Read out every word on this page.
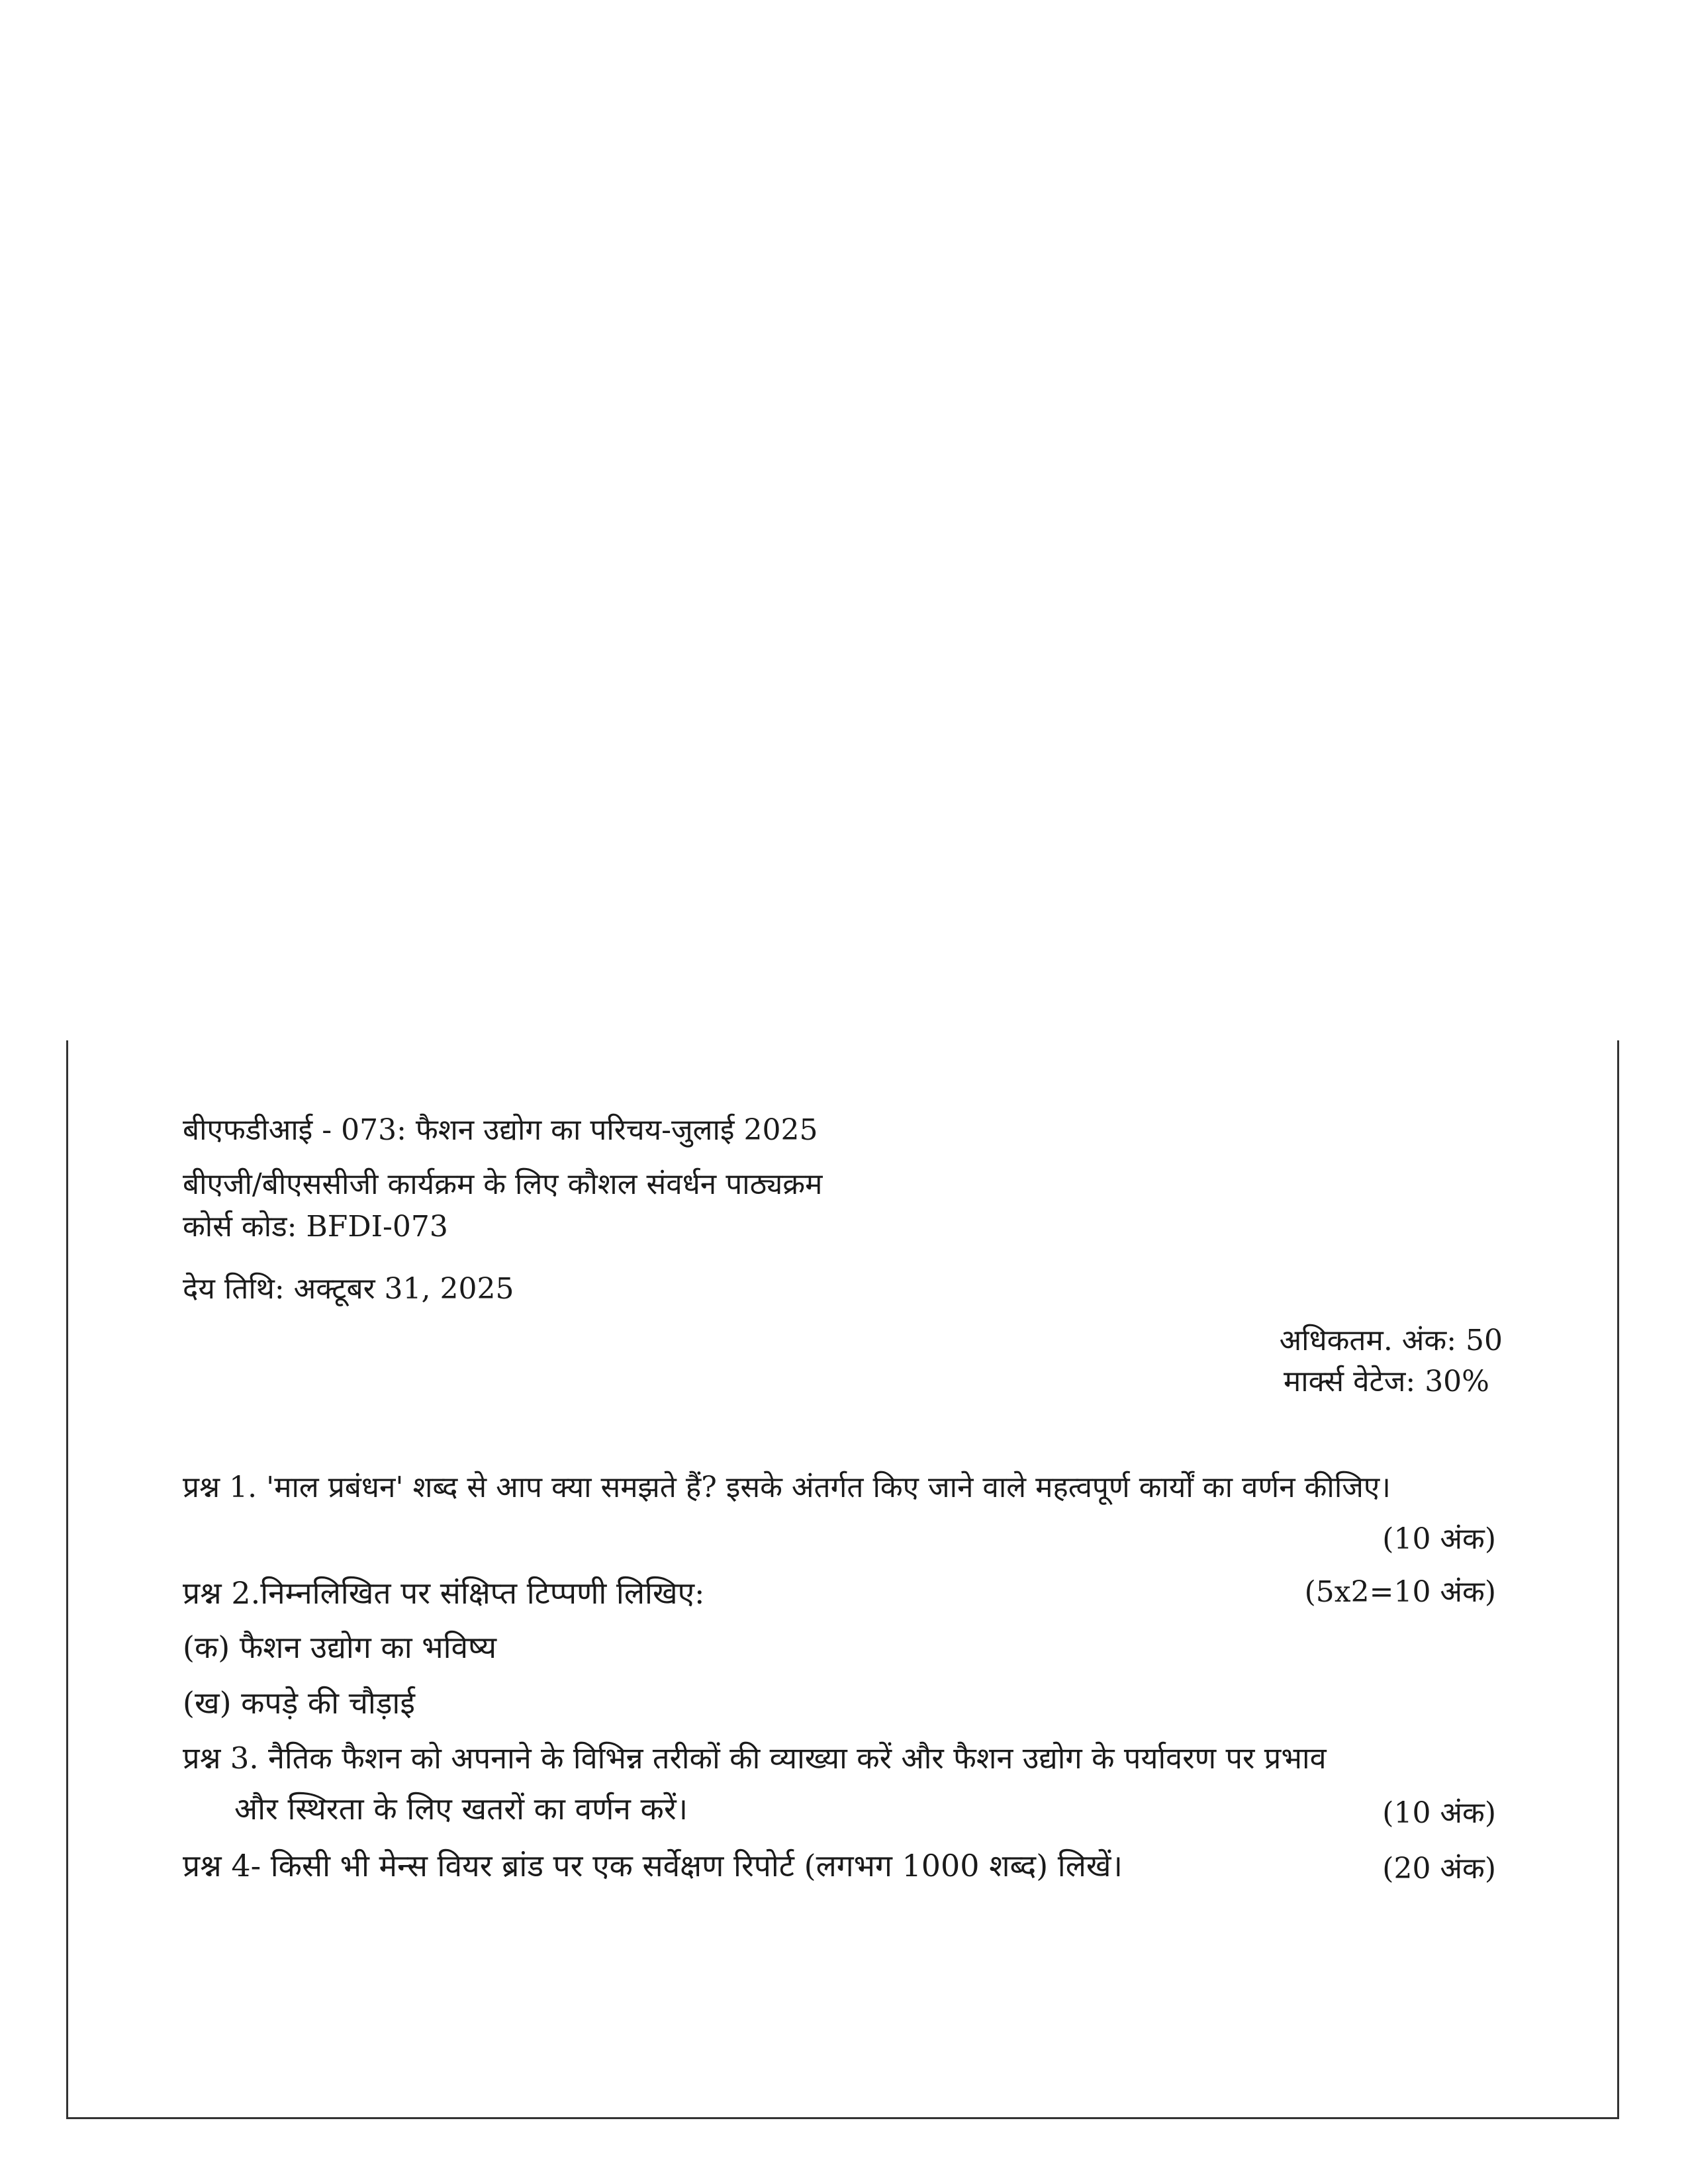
बीएफडीआई - 073: फैशन उद्योग का परिचय-जुलाई 2025
बीएजी/बीएससीजी कार्यक्रम के लिए कौशल संवर्धन पाठ्यक्रम
कोर्स कोड: BFDI-073
देय तिथि: अक्टूबर 31, 2025
अधिकतम. अंक: 50
मार्क्स वेटेज: 30%
प्रश्न 1. 'माल प्रबंधन' शब्द से आप क्या समझते हैं? इसके अंतर्गत किए जाने वाले महत्वपूर्ण कार्यों का वर्णन कीजिए।
(10 अंक)
प्रश्न 2.निम्नलिखित पर संक्षिप्त टिप्पणी लिखिए:	(5x2=10 अंक)
(क) फैशन उद्योग का भविष्य
(ख) कपड़े की चौड़ाई
प्रश्न 3. नैतिक फैशन को अपनाने के विभिन्न तरीकों की व्याख्या करें और फैशन उद्योग के पर्यावरण पर प्रभाव
और स्थिरता के लिए खतरों का वर्णन करें।	(10 अंक)
प्रश्न 4- किसी भी मेन्स वियर ब्रांड पर एक सर्वेक्षण रिपोर्ट (लगभग 1000 शब्द) लिखें।	(20 अंक)
